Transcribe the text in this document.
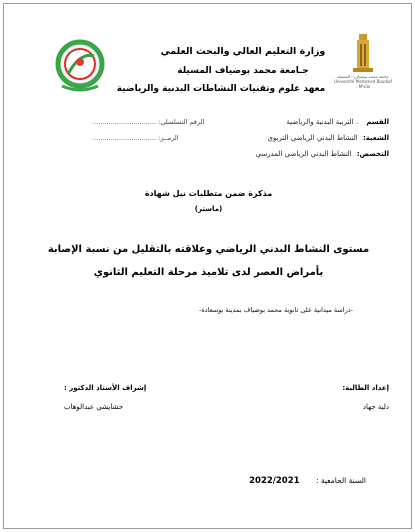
جامعة محمد بوضياف - المسيلة
Université Mohamed Boudiaf - M'sila
وزارة التعليم العالي والبحث العلمي
جـامعة محمد بوضياف المسيلة
معهد علوم وتقنيات النشاطات البدنية والرياضية
القسم . التربية البدنية والرياضية
الشعبة: النشاط البدني الرياضي التربوي
التخصص: النشاط البدني الرياضي المدرسي
الرقم التسلسلي: ...............................
الرمــز: ...............................
مذكرة ضمن متطلبات نيل شهادة
(ماستر)
مستوى النشاط البدني الرياضي وعلاقته بالتقليل من نسبة الإصابة
بأمراض العصر لدى تلاميذ مرحلة التعليم الثانوي
-دراسة ميدانية على ثانوية محمد بوضياف بمدينة بوسعادة-
إعداد الطالبة:
دلية جهاد
إشراف الأستاذ الدكتور :
حشايشي عبدالوهاب
السنة الجامعية : 2022/2021
